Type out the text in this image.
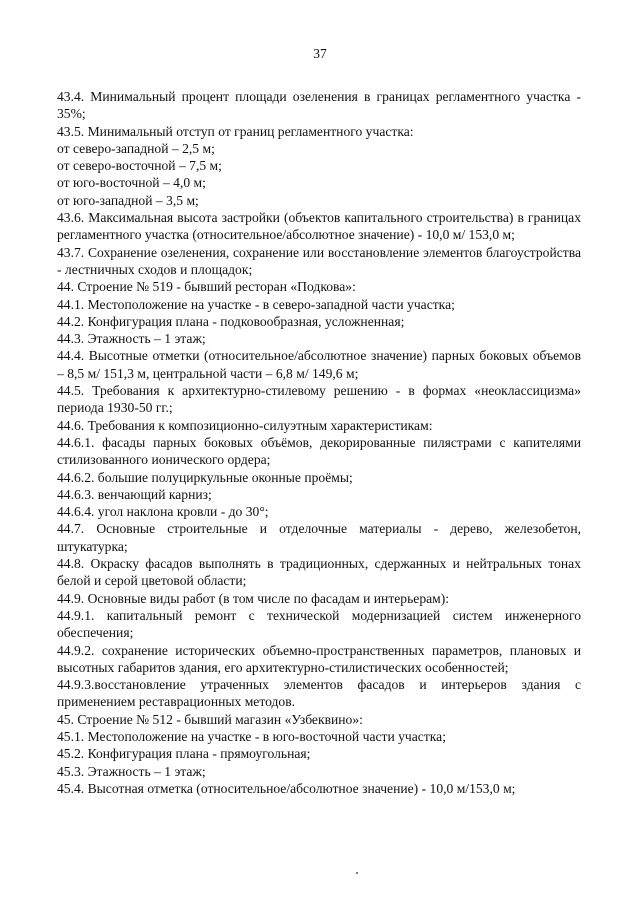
37

43.4. Минимальный процент площади озеленения в границах регламентного участка - 35%;

43.5. Минимальный отступ от границ регламентного участка:

от северо-западной – 2,5 м;

от северо-восточной – 7,5 м;

от юго-восточной – 4,0 м;

от юго-западной – 3,5 м;

43.6. Максимальная высота застройки (объектов капитального строительства) в границах регламентного участка (относительное/абсолютное значение) - 10,0 м/ 153,0 м;

43.7. Сохранение озеленения, сохранение или восстановление элементов благоустройства - лестничных сходов и площадок;

44. Строение № 519 - бывший ресторан «Подкова»:

44.1. Местоположение на участке - в северо-западной части участка;

44.2. Конфигурация плана - подковообразная, усложненная;

44.3. Этажность – 1 этаж;

44.4. Высотные отметки (относительное/абсолютное значение) парных боковых объемов – 8,5 м/ 151,3 м, центральной части – 6,8 м/ 149,6 м;

44.5. Требования к архитектурно-стилевому решению - в формах «неоклассицизма» периода 1930-50 гг.;

44.6. Требования к композиционно-силуэтным характеристикам:

44.6.1. фасады парных боковых объёмов, декорированные пилястрами с капителями стилизованного ионического ордера;

44.6.2. большие полуциркульные оконные проёмы;

44.6.3. венчающий карниз;

44.6.4. угол наклона кровли - до 30°;

44.7. Основные строительные и отделочные материалы - дерево, железобетон, штукатурка;

44.8. Окраску фасадов выполнять в традиционных, сдержанных и нейтральных тонах белой и серой цветовой области;

44.9. Основные виды работ (в том числе по фасадам и интерьерам):

44.9.1. капитальный ремонт с технической модернизацией систем инженерного обеспечения;

44.9.2. сохранение исторических объемно-пространственных параметров, плановых и высотных габаритов здания, его архитектурно-стилистических особенностей;

44.9.3.восстановление утраченных элементов фасадов и интерьеров здания с применением реставрационных методов.

45. Строение № 512 - бывший магазин «Узбеквино»:

45.1. Местоположение на участке - в юго-восточной части участка;

45.2. Конфигурация плана - прямоугольная;

45.3. Этажность – 1 этаж;

45.4. Высотная отметка (относительное/абсолютное значение) - 10,0 м/153,0 м;
